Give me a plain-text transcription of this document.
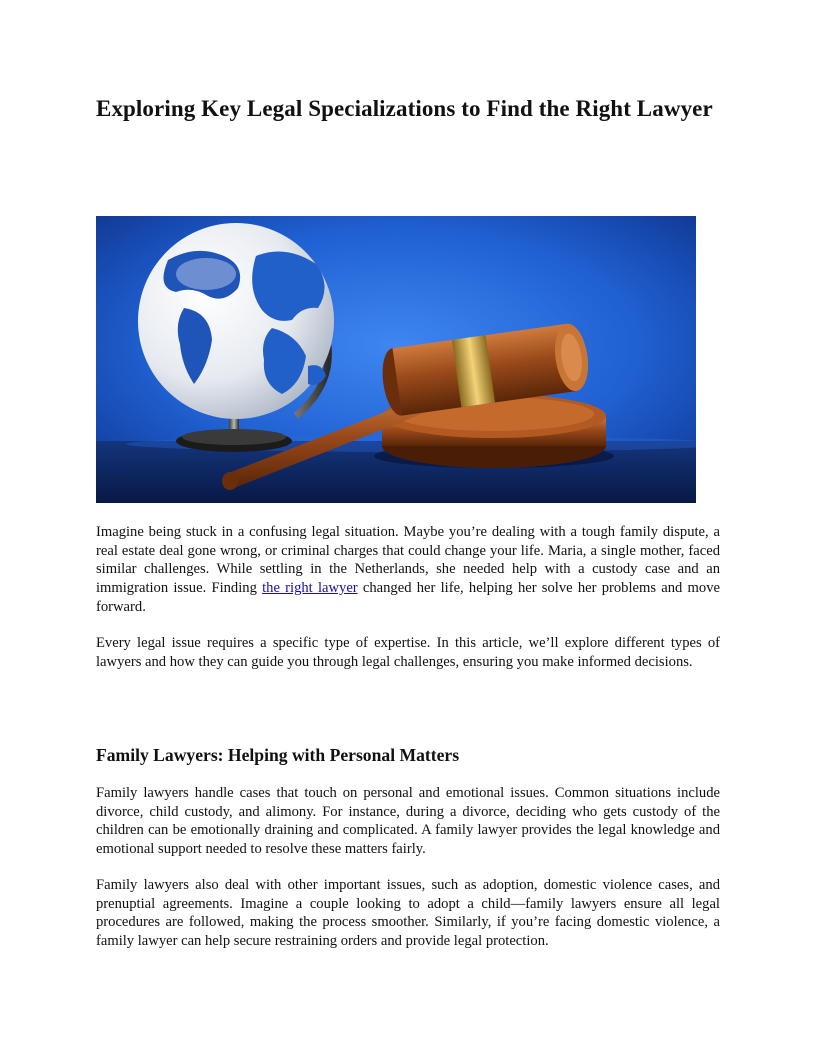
Exploring Key Legal Specializations to Find the Right Lawyer

Imagine being stuck in a confusing legal situation. Maybe you’re dealing with a tough family dispute, a real estate deal gone wrong, or criminal charges that could change your life. Maria, a single mother, faced similar challenges. While settling in the Netherlands, she needed help with a custody case and an immigration issue. Finding the right lawyer changed her life, helping her solve her problems and move forward.

Every legal issue requires a specific type of expertise. In this article, we’ll explore different types of lawyers and how they can guide you through legal challenges, ensuring you make informed decisions.

Family Lawyers: Helping with Personal Matters

Family lawyers handle cases that touch on personal and emotional issues. Common situations include divorce, child custody, and alimony. For instance, during a divorce, deciding who gets custody of the children can be emotionally draining and complicated. A family lawyer provides the legal knowledge and emotional support needed to resolve these matters fairly.

Family lawyers also deal with other important issues, such as adoption, domestic violence cases, and prenuptial agreements. Imagine a couple looking to adopt a child—family lawyers ensure all legal procedures are followed, making the process smoother. Similarly, if you’re facing domestic violence, a family lawyer can help secure restraining orders and provide legal protection.
